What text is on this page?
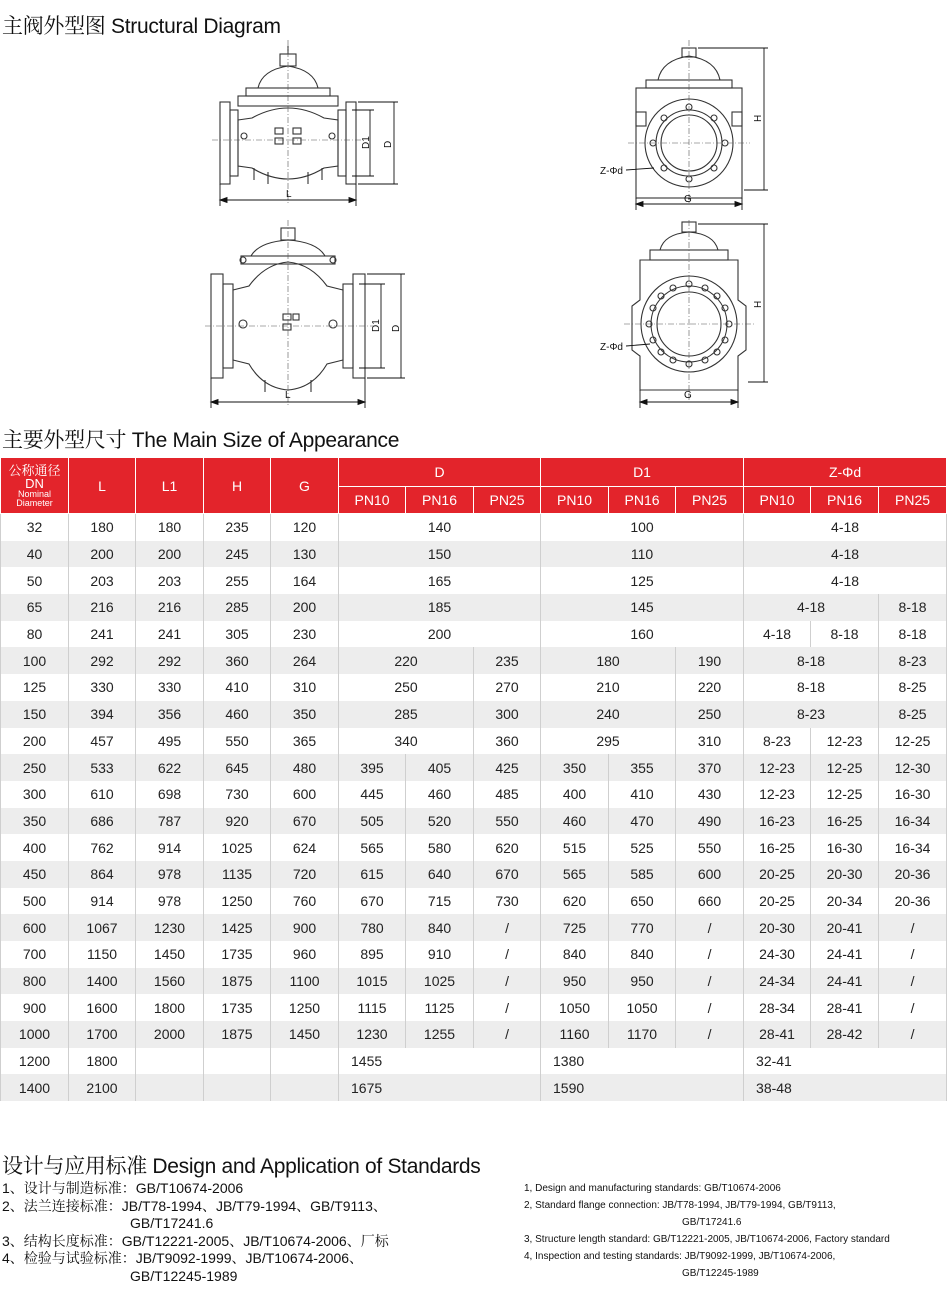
主阀外型图 Structural Diagram
L
D1 D
G
H
Z-Φd
L
D1 D
G
H
Z-Φd
主要外型尺寸 The Main Size of Appearance
公称通径
DN
Nominal Diameter	L	L1	H	G	D			D1			Z-Φd		
					PN10	PN16	PN25	PN10	PN16	PN25	PN10	PN16	PN25
32	180	180	235	120	140			100			4-18		
40	200	200	245	130	150			110			4-18		
50	203	203	255	164	165			125			4-18		
65	216	216	285	200	185			145			4-18		8-18
80	241	241	305	230	200			160			4-18	8-18	8-18
100	292	292	360	264	220		235	180		190	8-18		8-23
125	330	330	410	310	250		270	210		220	8-18		8-25
150	394	356	460	350	285		300	240		250	8-23		8-25
200	457	495	550	365	340		360	295		310	8-23	12-23	12-25
250	533	622	645	480	395	405	425	350	355	370	12-23	12-25	12-30
300	610	698	730	600	445	460	485	400	410	430	12-23	12-25	16-30
350	686	787	920	670	505	520	550	460	470	490	16-23	16-25	16-34
400	762	914	1025	624	565	580	620	515	525	550	16-25	16-30	16-34
450	864	978	1135	720	615	640	670	565	585	600	20-25	20-30	20-36
500	914	978	1250	760	670	715	730	620	650	660	20-25	20-34	20-36
600	1067	1230	1425	900	780	840	/	725	770	/	20-30	20-41	/
700	1150	1450	1735	960	895	910	/	840	840	/	24-30	24-41	/
800	1400	1560	1875	1100	1015	1025	/	950	950	/	24-34	24-41	/
900	1600	1800	1735	1250	1115	1125	/	1050	1050	/	28-34	28-41	/
1000	1700	2000	1875	1450	1230	1255	/	1160	1170	/	28-41	28-42	/
1200	1800				1455			1380			32-41		
1400	2100				1675			1590			38-48		
设计与应用标准 Design and Application of Standards
1、设计与制造标准：GB/T10674-2006
2、法兰连接标准：JB/T78-1994、JB/T79-1994、GB/T9113、
GB/T17241.6
3、结构长度标准：GB/T12221-2005、JB/T10674-2006、厂标
4、检验与试验标准：JB/T9092-1999、JB/T10674-2006、
GB/T12245-1989
1, Design and manufacturing standards: GB/T10674-2006
2, Standard flange connection: JB/T78-1994, JB/T79-1994, GB/T9113,
GB/T17241.6
3, Structure length standard: GB/T12221-2005, JB/T10674-2006, Factory standard
4, Inspection and testing standards: JB/T9092-1999, JB/T10674-2006,
GB/T12245-1989
